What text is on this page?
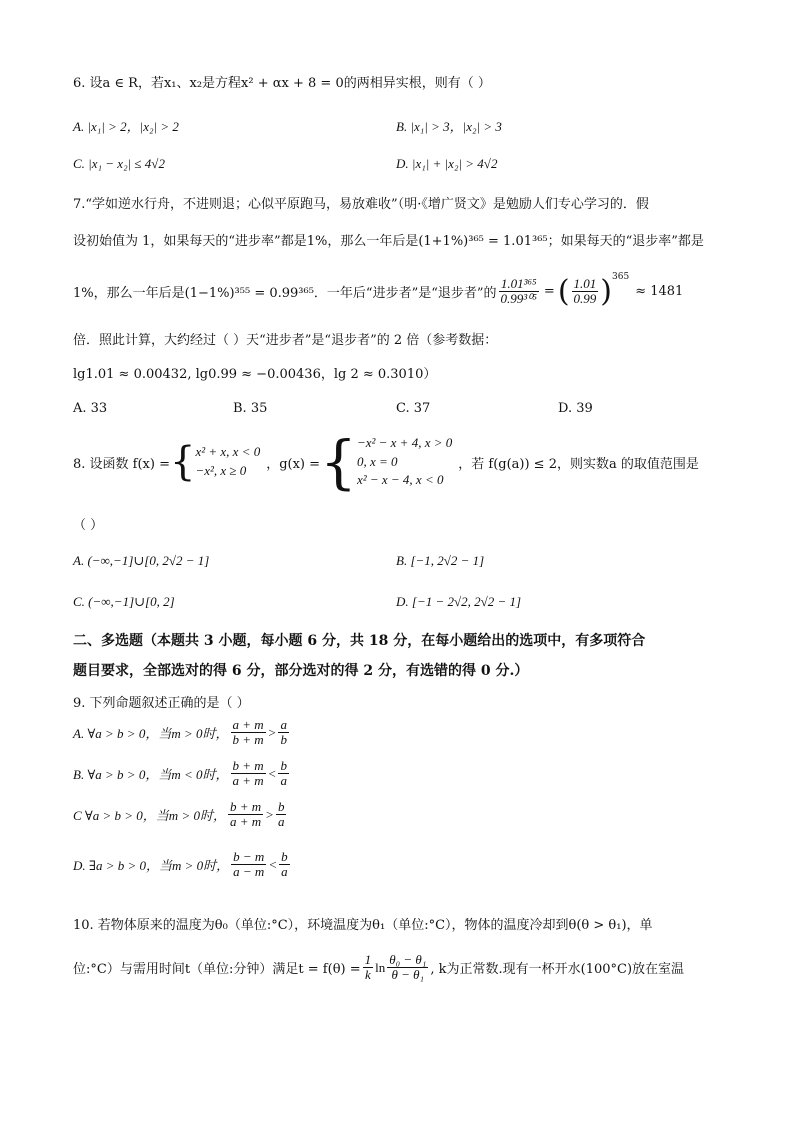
6. 设a ∈ R，若x₁、x₂是方程x² + αx + 8 = 0的两相异实根，则有（ ）
A. |x₁| > 2，|x₂| > 2	B. |x₁| > 3，|x₂| > 3
C. |x₁ − x₂| ≤ 4√2	D. |x₁| + |x₂| > 4√2
7.“学如逆水行舟，不进则退；心似平原跑马，易放难收”（明·《增广贤文》是勉励人们专心学习的．假
设初始值为 1，如果每天的“进步率”都是1%，那么一年后是(1+1%)³⁶⁵ = 1.01³⁶⁵；如果每天的“退步率”都是
1%，那么一年后是(1−1%)³⁵⁵ = 0.99³⁶⁵．一年后“进步者”是“退步者”的 $\frac{\text{1.01³⁶⁵}}{\text{0.99³⁰⁵}}$ = ( $\frac{1.01}{0.99}$ ) 365
≈ 1481
倍．照此计算，大约经过（ ）天“进步者”是“退步者”的 2 倍（参考数据：
lg1.01 ≈ 0.00432, lg0.99 ≈ −0.00436，lg 2 ≈ 0.3010）
A. 33	B. 35	C. 37	D. 39
8. 设函数 f(x) = { x² + x, x < 0
−x², x ≥ 0	，g(x) = { −x² − x + 4, x > 0
0, x = 0
x² − x − 4, x < 0
，若 f(g(a)) ≤ 2，则实数a 的取值范围是
（ ）
A. (−∞,−1]∪[0, 2√2 − 1]	B. [−1, 2√2 − 1]
C. (−∞,−1]∪[0, 2]	D. [−1 − 2√2, 2√2 − 1]
二、多选题（本题共 3 小题，每小题 6 分，共 18 分，在每小题给出的选项中，有多项符合
题目要求，全部选对的得 6 分，部分选对的得 2 分，有选错的得 0 分.）
9. 下列命题叙述正确的是（ ）
A. ∀a > b > 0，当m > 0时， $\frac{a + m}{b + m} > \frac{a}{b}$
B. ∀a > b > 0，当m < 0时， $\frac{b + m}{a + m} < \frac{b}{a}$
C ∀a > b > 0，当m > 0时， $\frac{b + m}{a + m} > \frac{b}{a}$
D. ∃a > b > 0，当m > 0时， $\frac{b - m}{a - m} < \frac{b}{a}$
10. 若物体原来的温度为θ₀（单位:°C），环境温度为θ₁（单位:°C），物体的温度冷却到θ(θ > θ₁)，单
位:°C）与需用时间t（单位:分钟）满足$t = f(\theta) = \frac{1}{k}$ $\ln \frac{\text{θ₀ − θ₁}}{\text{θ − θ₁}}$ , k为正常数.现有一杯开水(100°C)放在室温
